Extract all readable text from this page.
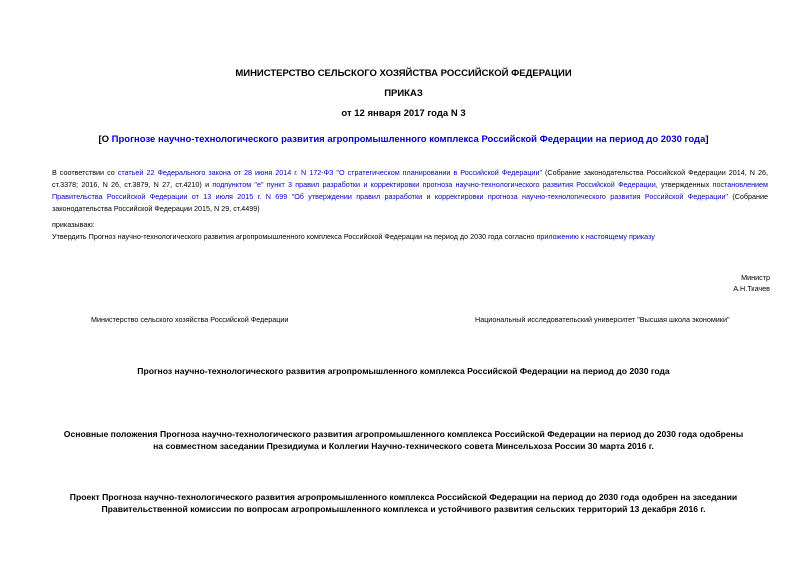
МИНИСТЕРСТВО СЕЛЬСКОГО ХОЗЯЙСТВА РОССИЙСКОЙ ФЕДЕРАЦИИ
ПРИКАЗ
от 12 января 2017 года N 3
[О Прогнозе научно-технологического развития агропромышленного комплекса Российской Федерации на период до 2030 года]
В соответствии со статьей 22 Федерального закона от 28 июня 2014 г. N 172-ФЗ "О стратегическом планировании в Российской Федерации" (Собрание законодательства Российской Федерации 2014, N 26, ст.3378; 2016, N 26, ст.3879, N 27, ст.4210) и подпунктом "е" пункт 3 правил разработки и корректировки прогноза научно-технологического развития Российской Федерации, утвержденных постановлением Правительства Российской Федерации от 13 июля 2015 г. N 699 "Об утверждении правил разработки и корректировки прогноза научно-технологического развития Российской Федерации" (Собрание законодательства Российской Федерации 2015, N 29, ст.4499)
приказываю:
Утвердить Прогноз научно-технологического развития агропромышленного комплекса Российской Федерации на период до 2030 года согласно приложению к настоящему приказу
Министр
А.Н.Ткачев
Министерство сельского хозяйства Российской Федерации	Национальный исследовательский университет "Высшая школа экономики"
Прогноз научно-технологического развития агропромышленного комплекса Российской Федерации на период до 2030 года
Основные положения Прогноза научно-технологического развития агропромышленного комплекса Российской Федерации на период до 2030 года одобрены
на совместном заседании Президиума и Коллегии Научно-технического совета Минсельхоза России 30 марта 2016 г.
Проект Прогноза научно-технологического развития агропромышленного комплекса Российской Федерации на период до 2030 года одобрен на заседании
Правительственной комиссии по вопросам агропромышленного комплекса и устойчивого развития сельских территорий 13 декабря 2016 г.
